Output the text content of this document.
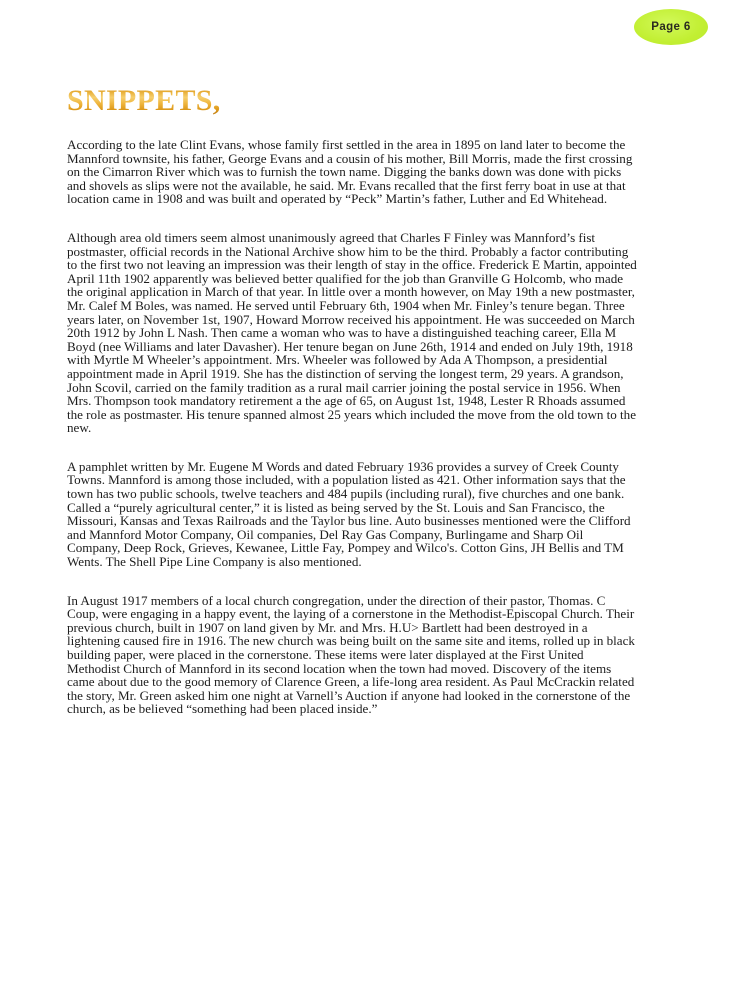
Page 6
SNIPPETS,

According to the late Clint Evans, whose family first settled in the area in 1895 on land later to become the Mannford townsite, his father, George Evans and a cousin of his mother, Bill Morris, made the first crossing on the Cimarron River which was to furnish the town name. Digging the banks down was done with picks and shovels as slips were not the available, he said. Mr. Evans recalled that the first ferry boat in use at that location came in 1908 and was built and operated by “Peck” Martin’s father, Luther and Ed Whitehead.

Although area old timers seem almost unanimously agreed that Charles F Finley was Mannford’s fist postmaster, official records in the National Archive show him to be the third. Probably a factor contributing to the first two not leaving an impression was their length of stay in the office. Frederick E Martin, appointed April 11th 1902 apparently was believed better qualified for the job than Granville G Holcomb, who made the original application in March of that year. In little over a month however, on May 19th a new postmaster, Mr. Calef M Boles, was named. He served until February 6th, 1904 when Mr. Finley’s tenure began. Three years later, on November 1st, 1907, Howard Morrow received his appointment. He was succeeded on March 20th 1912 by John L Nash. Then came a woman who was to have a distinguished teaching career, Ella M Boyd (nee Williams and later Davasher). Her tenure began on June 26th, 1914 and ended on July 19th, 1918 with Myrtle M Wheeler’s appointment. Mrs. Wheeler was followed by Ada A Thompson, a presidential appointment made in April 1919. She has the distinction of serving the longest term, 29 years. A grandson, John Scovil, carried on the family tradition as a rural mail carrier joining the postal service in 1956. When Mrs. Thompson took mandatory retirement a the age of 65, on August 1st, 1948, Lester R Rhoads assumed the role as postmaster. His tenure spanned almost 25 years which included the move from the old town to the new.

A pamphlet written by Mr. Eugene M Words and dated February 1936 provides a survey of Creek County Towns. Mannford is among those included, with a population listed as 421. Other information says that the town has two public schools, twelve teachers and 484 pupils (including rural), five churches and one bank. Called a “purely agricultural center,” it is listed as being served by the St. Louis and San Francisco, the Missouri, Kansas and Texas Railroads and the Taylor bus line. Auto businesses mentioned were the Clifford and Mannford Motor Company, Oil companies, Del Ray Gas Company, Burlingame and Sharp Oil Company, Deep Rock, Grieves, Kewanee, Little Fay, Pompey and Wilco's. Cotton Gins, JH Bellis and TM Wents. The Shell Pipe Line Company is also mentioned.

In August 1917 members of a local church congregation, under the direction of their pastor, Thomas. C Coup, were engaging in a happy event, the laying of a cornerstone in the Methodist-Episcopal Church. Their previous church, built in 1907 on land given by Mr. and Mrs. H.U> Bartlett had been destroyed in a lightening caused fire in 1916. The new church was being built on the same site and items, rolled up in black building paper, were placed in the cornerstone. These items were later displayed at the First United Methodist Church of Mannford in its second location when the town had moved. Discovery of the items came about due to the good memory of Clarence Green, a life-long area resident. As Paul McCrackin related the story, Mr. Green asked him one night at Varnell’s Auction if anyone had looked in the cornerstone of the church, as be believed “something had been placed inside.”
